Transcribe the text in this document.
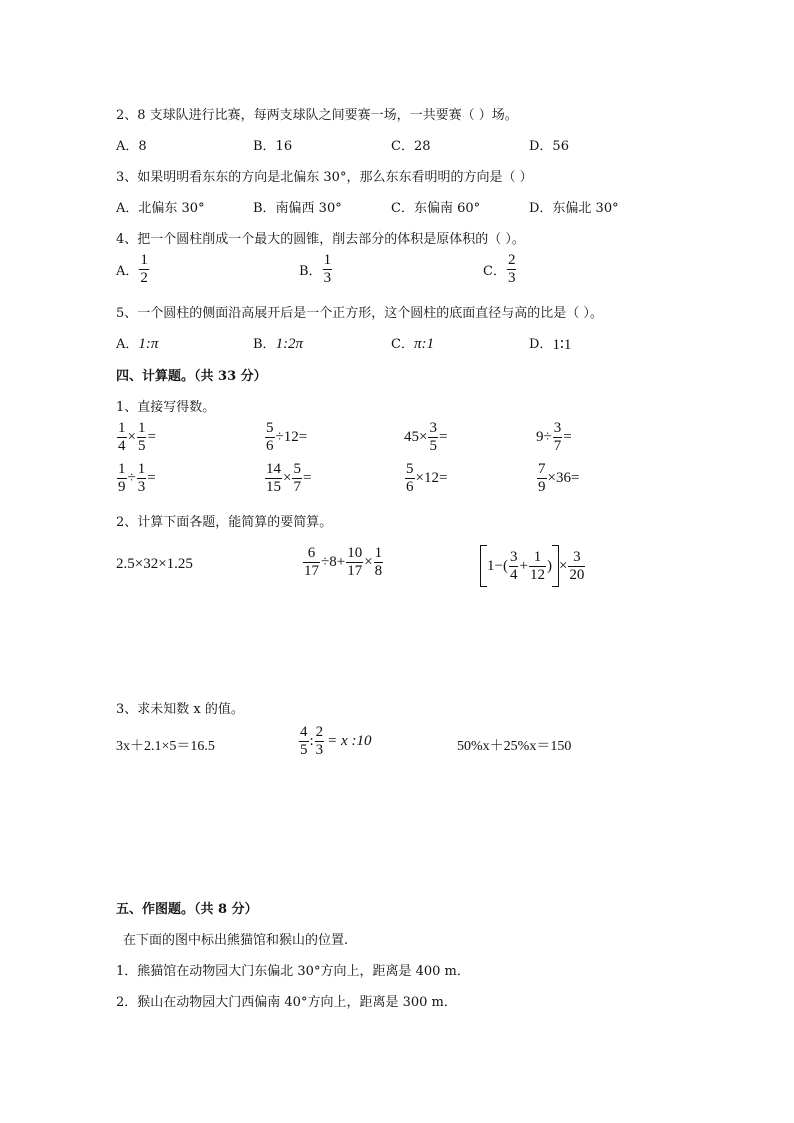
2、8 支球队进行比赛，每两支球队之间要赛一场，一共要赛（ ）场。
A．8	B．16	C．28	D．56
3、如果明明看东东的方向是北偏东 30°，那么东东看明明的方向是（ ）
A．北偏东 30°	B．南偏西 30°	C．东偏南 60°	D．东偏北 30°
4、把一个圆柱削成一个最大的圆锥，削去部分的体积是原体积的（ ）。
A． $\frac{1}{2}$	B． $\frac{1}{3}$	C． $\frac{2}{3}$
5、一个圆柱的侧面沿高展开后是一个正方形，这个圆柱的底面直径与高的比是（ ）。
A．1:π	B．1:2π	C．π:1	D．1∶1
四、计算题。（共 33 分）
1、直接写得数。
$\frac{1}{4} \times \frac{1}{5}$ =	$\frac{5}{6} \div 12$ =	$45\times \frac{3}{5}$ =	$9\div \frac{3}{7}$ =
$\frac{1}{9} \div \frac{1}{3}$ =	$\frac{14}{15} \times \frac{5}{7}$ =	$\frac{5}{6} \times 12$ =	$\frac{7}{9} \times 36$ =
2、计算下面各题，能简算的要简算。
2.5×32×1.25	$\frac{6}{17} \div 8+ \frac{10}{17} \times \frac{1}{8}$	$1-( \frac{3}{4} + \frac{1}{12}$ ) × $\frac{3}{20}$
3、求未知数 x 的值。
3x＋2.1×5＝16.5	$\frac{4}{5}$ : $\frac{2}{3} = x$ :10	50%x＋25%x＝150
五、作图题。（共 8 分）
在下面的图中标出熊猫馆和猴山的位置.
1．熊猫馆在动物园大门东偏北 30°方向上，距离是 400 m．
2．猴山在动物园大门西偏南 40°方向上，距离是 300 m．
